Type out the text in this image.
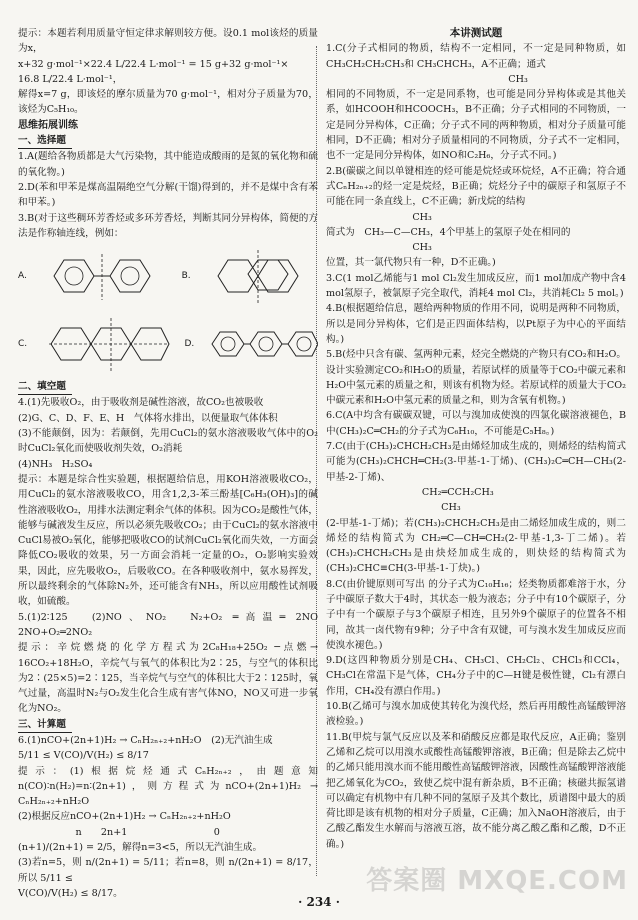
提示：本题若利用质量守恒定律求解则较方便。设0.1 mol该烃的质量为x，

x+32 g·mol⁻¹×22.4 L/22.4 L·mol⁻¹ = 15 g+32 g·mol⁻¹×

16.8 L/22.4 L·mol⁻¹，

解得x=7 g，即该烃的摩尔质量为70 g·mol⁻¹，相对分子质量为70，该烃为C₅H₁₀。

思维拓展训练

一、选择题

1.A(题给各物质都是大气污染物，其中能造成酸雨的是氮的氧化物和硫的氧化物。)

2.D(苯和甲苯是煤高温隔绝空气分解(干馏)得到的，并不是煤中含有苯和甲苯。)

3.B(对于这些稠环芳香烃或多环芳香烃，判断其同分异构体，简便的方法是作称轴连线，例如：

A.	B.
C.	D.

二、填空题

4.(1)先吸收O₂，由于吸收剂是碱性溶液，故CO₂也被吸收

(2)G、C、D、F、E、H　气体将水排出，以便量取气体体积

(3)不能颠倒，因为：若颠倒，先用CuCl₂的氨水溶液吸收气体中的O₂时CuCl₂氧化而使吸收剂失效，O₂消耗

(4)NH₃　H₂SO₄

提示：本题是综合性实验题，根据题给信息，用KOH溶液吸收CO₂，用CuCl₂的氨水溶液吸收CO，用含1,2,3-苯三酚基[C₆H₃(OH)₃]的碱性溶液吸收O₂，用排水法测定剩余气体的体积。因为CO₂是酸性气体，能够与碱液发生反应，所以必须先吸收CO₂；由于CuCl₂的氨水溶液中CuCl易被O₂氧化，能够把吸收CO的试剂CuCl₂氧化而失效，一方面会降低CO₂吸收的效果，另一方面会消耗一定量的O₂，O₂影响实验效果，因此，应先吸收O₂，后吸收CO。在各种吸收剂中，氨水易挥发，所以最终剩余的气体除N₂外，还可能含有NH₃，所以应用酸性试剂吸收，如硫酸。

5.(1)2∶125　(2)NO、NO₂　N₂+O₂ ═高温═ 2NO　2NO+O₂═2NO₂

提示：辛烷燃烧的化学方程式为2C₈H₁₈+25O₂ ─点燃→ 16CO₂+18H₂O，辛烷气与氧气的体积比为2∶25，与空气的体积比为2∶(25×5)=2∶125，当辛烷气与空气的体积比大于2∶125时，氧气过量，高温时N₂与O₂发生化合生成有害气体NO，NO又可进一步氧化为NO₂。

三、计算题

6.(1)nCO+(2n+1)H₂ → CₙH₂ₙ₊₂+nH₂O　(2)无汽油生成

5/11 ≤ V(CO)/V(H₂) ≤ 8/17

提示：(1)根据烷烃通式CₙH₂ₙ₊₂，由题意知n(CO)∶n(H₂)=n∶(2n+1)，则方程式为nCO+(2n+1)H₂ → CₙH₂ₙ₊₂+nH₂O

(2)根据反应nCO+(2n+1)H₂ → CₙH₂ₙ₊₂+nH₂O

　　　　　　n　　2n+1　　　　　　　　　0

(n+1)/(2n+1) = 2/5，解得n=3<5，所以无汽油生成。

(3)若n=5，则 n/(2n+1) = 5/11；若n=8，则 n/(2n+1) = 8/17，所以 5/11 ≤

V(CO)/V(H₂) ≤ 8/17。

本讲测试题

1.C(分子式相同的物质，结构不一定相同，不一定是同种物质，如CH₃CH₂CH₂CH₃和 CH₃CHCH₃，A不正确；通式

　　　　　　　　　　　　　　　　　　　CH₃

相同的不同物质，不一定是同系物，也可能是同分异构体或是其他关系，如HCOOH和HCOOCH₃，B不正确；分子式相同的不同物质，一定是同分异构体，C正确；分子式不同的两种物质，相对分子质量可能相同，D不正确；相对分子质量相同的不同物质，分子式不一定相同，也不一定是同分异构体，如NO和C₂H₆，分子式不同。)

2.B(碳碳之间以单键相连的烃可能是烷烃或环烷烃，A不正确；符合通式CₙH₂ₙ₊₂的烃一定是烷烃，B正确；烷烃分子中的碳原子和氢原子不可能在同一条直线上，C不正确；新戊烷的结构

　　　　　　　　　CH₃

简式为　CH₃—C—CH₃，4个甲基上的氢原子处在相同的

　　　　　　　　　CH₃

位置，其一氯代物只有一种，D不正确。)

3.C(1 mol乙烯能与1 mol Cl₂发生加成反应，而1 mol加成产物中含4 mol氢原子，被氯原子完全取代，消耗4 mol Cl₂，共消耗Cl₂ 5 mol。)

4.B(根据题给信息，题给两种物质的作用不同，说明是两种不同物质，所以是同分异构体，它们是正四面体结构，以Pt原子为中心的平面结构。)

5.B(烃中只含有碳、氢两种元素，烃完全燃烧的产物只有CO₂和H₂O。设计实验测定CO₂和H₂O的质量，若原试样的质量等于CO₂中碳元素和H₂O中氢元素的质量之和，则该有机物为烃。若原试样的质量大于CO₂中碳元素和H₂O中氢元素的质量之和，则为含氧有机物。)

6.C(A中均含有碳碳双键，可以与溴加成使溴的四氯化碳溶液褪色，B中(CH₃)₂C═CH₂的分子式为C₆H₁₀，不可能是C₅H₈。)

7.C(由于(CH₃)₂CHCH₂CH₃是由烯烃加成生成的，则烯烃的结构简式可能为(CH₃)₂CHCH═CH₂(3-甲基-1-丁烯)、(CH₃)₂C═CH—CH₃(2-甲基-2-丁烯)、

　　　　　　　　　　CH₂═CCH₂CH₃

　　　　　　　　　　　　CH₃

(2-甲基-1-丁烯)；若(CH₃)₂CHCH₂CH₃是由二烯烃加成生成的，则二烯烃的结构简式为 CH₂═C—CH═CH₂(2-甲基-1,3-丁二烯)。若(CH₃)₂CHCH₂CH₃是由炔烃加成生成的，则炔烃的结构简式为(CH₃)₂CHC≡CH(3-甲基-1-丁炔)。)

8.C(由价键原则可写出 的分子式为C₁₀H₁₆；烃类物质都难溶于水，分子中碳原子数大于4时，其状态一般为液态；分子中有10个碳原子，分子中有一个碳原子与3个碳原子相连，且另外9个碳原子的位置各不相同，故其一卤代物有9种；分子中含有双键，可与溴水发生加成反应而使溴水褪色。)

9.D(这四种物质分别是CH₄、CH₃Cl、CH₂Cl₂、CHCl₃和CCl₄，CH₃Cl在常温下是气体，CH₄分子中的C—H键是极性键，Cl₂有漂白作用，CH₄没有漂白作用。)

10.B(乙烯可与溴水加成使其转化为溴代烃，然后再用酸性高锰酸钾溶液检验。)

11.B(甲烷与氯气反应以及苯和硝酸反应都是取代反应，A正确；鉴别乙烯和乙烷可以用溴水或酸性高锰酸钾溶液，B正确；但是除去乙烷中的乙烯只能用溴水而不能用酸性高锰酸钾溶液，因酸性高锰酸钾溶液能把乙烯氧化为CO₂，致使乙烷中混有新杂质，B不正确；核磁共振氢谱可以确定有机物中有几种不同的氢原子及其个数比，质谱图中最大的质荷比即是该有机物的相对分子质量，C正确；加入NaOH溶液后，由于乙酸乙酯发生水解而与溶液互溶，故不能分离乙酸乙酯和乙酸，D不正确。)

· 234 ·
答案圈 MXQE.COM
